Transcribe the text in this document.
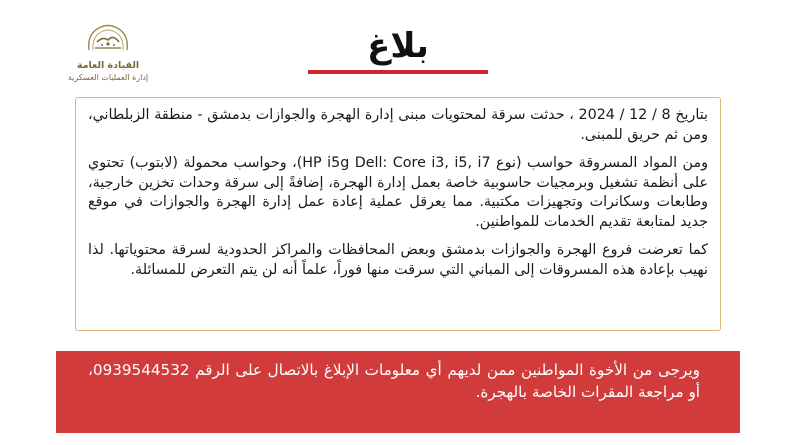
القيادة العامة
إدارة العمليات العسكرية
بلاغ

بتاريخ 8 / 12 / 2024 ، حدثت سرقة لمحتويات مبنى إدارة الهجرة والجوازات بدمشق - منطقة الزبلطاني، ومن ثم حريق للمبنى.

ومن المواد المسروقة حواسب (نوع HP i5g Dell: Core i3, i5, i7)، وحواسب محمولة (لابتوب) تحتوي على أنظمة تشغيل وبرمجيات حاسوبية خاصة بعمل إدارة الهجرة، إضافةً إلى سرقة وحدات تخزين خارجية، وطابعات وسكانرات وتجهيزات مكتبية. مما يعرقل عملية إعادة عمل إدارة الهجرة والجوازات في موقع جديد لمتابعة تقديم الخدمات للمواطنين.

كما تعرضت فروع الهجرة والجوازات بدمشق وبعض المحافظات والمراكز الحدودية لسرقة محتوياتها. لذا نهيب بإعادة هذه المسروقات إلى المباني التي سرقت منها فوراً، علماً أنه لن يتم التعرض للمسائلة.

ويرجى من الأخوة المواطنين ممن لديهم أي معلومات الإبلاغ بالاتصال على الرقم 0939544532، أو مراجعة المقرات الخاصة بالهجرة.
